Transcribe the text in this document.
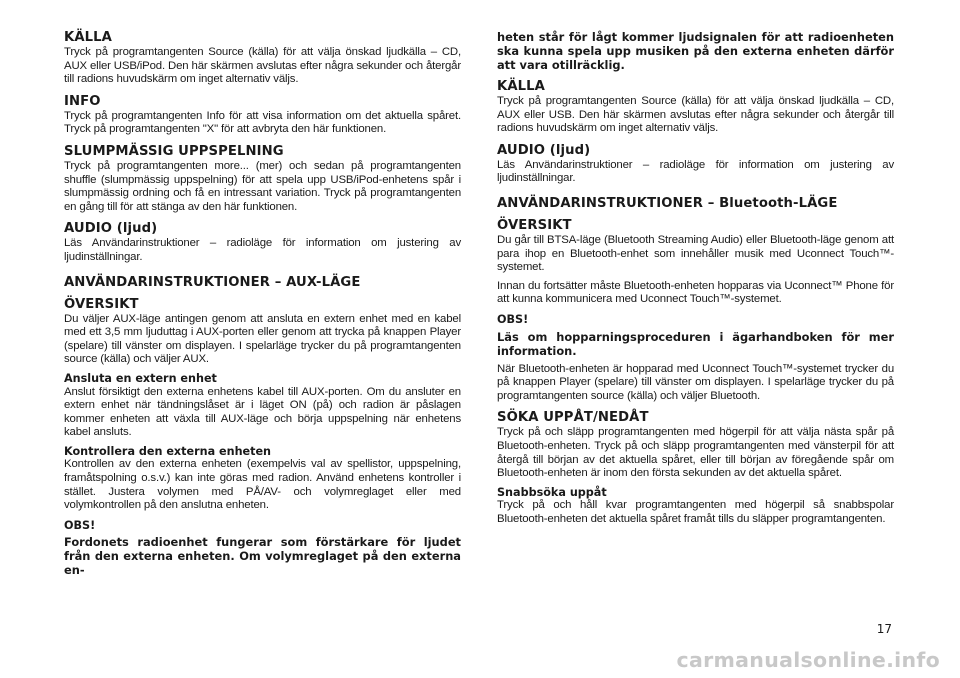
KÄLLA

Tryck på programtangenten Source (källa) för att välja önskad ljudkälla – CD, AUX eller USB/iPod. Den här skärmen avslutas efter några sekunder och återgår till radions huvudskärm om inget alternativ väljs.

INFO

Tryck på programtangenten Info för att visa information om det aktuella spåret. Tryck på programtangenten "X" för att avbryta den här funktionen.

SLUMPMÄSSIG UPPSPELNING

Tryck på programtangenten more... (mer) och sedan på programtangenten shuffle (slumpmässig uppspelning) för att spela upp USB/iPod-enhetens spår i slumpmässig ordning och få en intressant variation. Tryck på programtangenten en gång till för att stänga av den här funktionen.

AUDIO (ljud)

Läs Användarinstruktioner – radioläge för information om justering av ljudinställningar.

ANVÄNDARINSTRUKTIONER – AUX-LÄGE
ÖVERSIKT

Du väljer AUX-läge antingen genom att ansluta en extern enhet med en kabel med ett 3,5 mm ljuduttag i AUX-porten eller genom att trycka på knappen Player (spelare) till vänster om displayen. I spelarläge trycker du på programtangenten source (källa) och väljer AUX.

Ansluta en extern enhet

Anslut försiktigt den externa enhetens kabel till AUX-porten. Om du ansluter en extern enhet när tändningslåset är i läget ON (på) och radion är påslagen kommer enheten att växla till AUX-läge och börja uppspelning när enhetens kabel ansluts.

Kontrollera den externa enheten

Kontrollen av den externa enheten (exempelvis val av spellistor, uppspelning, framåtspolning o.s.v.) kan inte göras med radion. Använd enhetens kontroller i stället. Justera volymen med PÅ/AV- och volymreglaget eller med volymkontrollen på den anslutna enheten.

OBS!

Fordonets radioenhet fungerar som förstärkare för ljudet från den externa enheten. Om volymreglaget på den externa en-

heten står för lågt kommer ljudsignalen för att radioenheten ska kunna spela upp musiken på den externa enheten därför att vara otillräcklig.

KÄLLA

Tryck på programtangenten Source (källa) för att välja önskad ljudkälla – CD, AUX eller USB. Den här skärmen avslutas efter några sekunder och återgår till radions huvudskärm om inget alternativ väljs.

AUDIO (ljud)

Läs Användarinstruktioner – radioläge för information om justering av ljudinställningar.

ANVÄNDARINSTRUKTIONER – Bluetooth-LÄGE
ÖVERSIKT

Du går till BTSA-läge (Bluetooth Streaming Audio) eller Bluetooth-läge genom att para ihop en Bluetooth-enhet som innehåller musik med Uconnect Touch™-systemet.

Innan du fortsätter måste Bluetooth-enheten hopparas via Uconnect™ Phone för att kunna kommunicera med Uconnect Touch™-systemet.

OBS!

Läs om hopparningsproceduren i ägarhandboken för mer information.

När Bluetooth-enheten är hopparad med Uconnect Touch™-systemet trycker du på knappen Player (spelare) till vänster om displayen. I spelarläge trycker du på programtangenten source (källa) och väljer Bluetooth.

SÖKA UPPÅT/NEDÅT

Tryck på och släpp programtangenten med högerpil för att välja nästa spår på Bluetooth-enheten. Tryck på och släpp programtangenten med vänsterpil för att återgå till början av det aktuella spåret, eller till början av föregående spår om Bluetooth-enheten är inom den första sekunden av det aktuella spåret.

Snabbsöka uppåt

Tryck på och håll kvar programtangenten med högerpil så snabbspolar Bluetooth-enheten det aktuella spåret framåt tills du släpper programtangenten.

17
carmanualsonline.info
